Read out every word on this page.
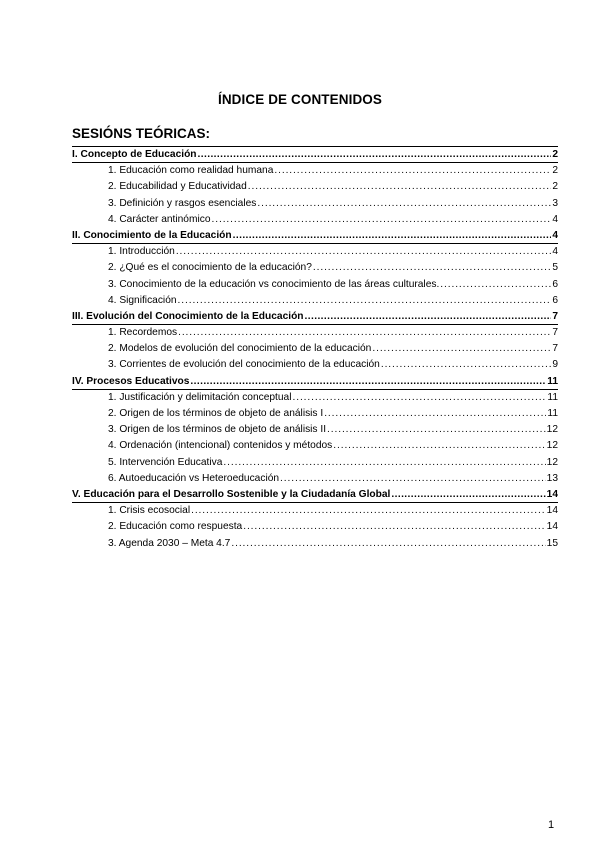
ÍNDICE DE CONTENIDOS
SESIÓNS TEÓRICAS:
I. Concepto de Educación .....	2
1. Educación como realidad humana .....	2
2. Educabilidad y Educatividad .....	2
3. Definición y rasgos esenciales .....	3
4. Carácter antinómico .....	4
II. Conocimiento de la Educación .....	4
1. Introducción .....	4
2. ¿Qué es el conocimiento de la educación? .....	5
3. Conocimiento de la educación vs conocimiento de las áreas culturales. .....	6
4. Significación .....	6
III. Evolución del Conocimiento de la Educación .....	7
1. Recordemos .....	7
2. Modelos de evolución del conocimiento de la educación .....	7
3. Corrientes de evolución del conocimiento de la educación .....	9
IV. Procesos Educativos .....	11
1. Justificación y delimitación conceptual .....	11
2. Origen de los términos de objeto de análisis I .....	11
3. Origen de los términos de objeto de análisis II .....	12
4. Ordenación (intencional) contenidos y métodos .....	12
5. Intervención Educativa .....	12
6. Autoeducación vs Heteroeducación .....	13
V. Educación para el Desarrollo Sostenible y la Ciudadanía Global .....	14
1. Crisis ecosocial .....	14
2. Educación como respuesta .....	14
3. Agenda 2030 – Meta 4.7 .....	15
1
